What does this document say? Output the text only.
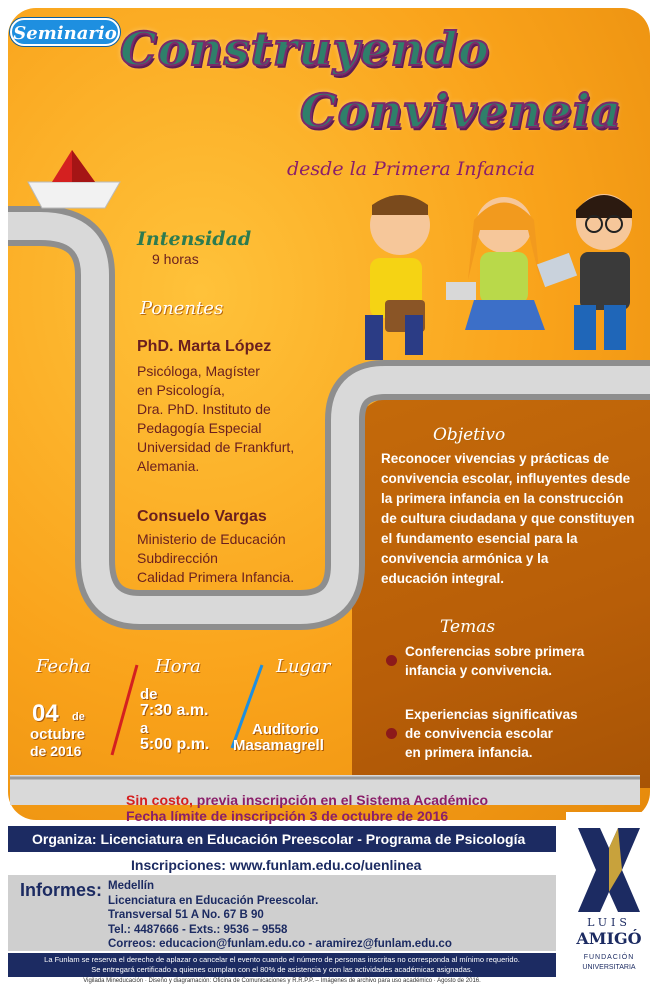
Seminario Construyendo
Conviveneia
desde la Primera Infancia
Intensidad
9 horas
Ponentes
PhD. Marta López
Psicóloga, Magíster
en Psicología,
Dra. PhD. Instituto de
Pedagogía Especial
Universidad de Frankfurt,
Alemania.
Consuelo Vargas
Ministerio de Educación
Subdirección
Calidad Primera Infancia.
Objetivo
Reconocer vivencias y prácticas de
convivencia escolar, influyentes desde
la primera infancia en la construcción
de cultura ciudadana y que constituyen
el fundamento esencial para la
convivencia armónica y la
educación integral.
Temas
Conferencias sobre primera
infancia y convivencia.
Experiencias significativas
de convivencia escolar
en primera infancia.
Fecha	Hora	Lugar
04 de
octubre
de 2016
de
7:30 a.m.
a
5:00 p.m.
Auditorio
Masamagrell
Sin costo, previa inscripción en el Sistema Académico
Fecha límite de inscripción 3 de octubre de 2016
Organiza: Licenciatura en Educación Preescolar - Programa de Psicología
Inscripciones: www.funlam.edu.co/uenlinea
Informes: Medellín
Licenciatura en Educación Preescolar.
Transversal 51 A No. 67 B 90
Tel.: 4487666 - Exts.: 9536 – 9558
Correos: educacion@funlam.edu.co - aramirez@funlam.edu.co
La Funlam se reserva el derecho de aplazar o cancelar el evento cuando el número de personas inscritas no corresponda al mínimo requerido.
Se entregará certificado a quienes cumplan con el 80% de asistencia y con las actividades académicas asignadas.
Vigilada Mineducación · Diseño y diagramación: Oficina de Comunicaciones y R.R.P.P. – Imágenes de archivo para uso académico · Agosto de 2016.
LUIS
AMIGÓ
FUNDACIÓN
UNIVERSITARIA
